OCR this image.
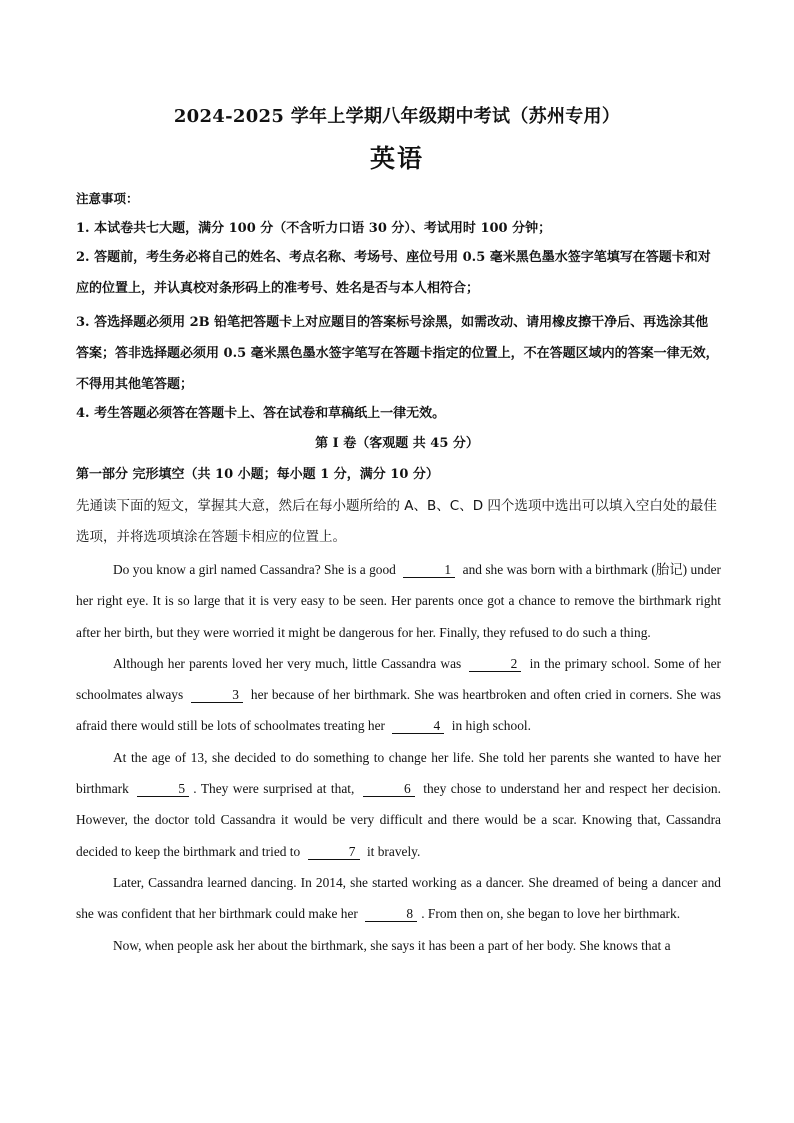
2024-2025 学年上学期八年级期中考试（苏州专用）
英语
注意事项：

1. 本试卷共七大题，满分 100 分（不含听力口语 30 分）、考试用时 100 分钟；

2. 答题前，考生务必将自己的姓名、考点名称、考场号、座位号用 0.5 毫米黑色墨水签字笔填写在答题卡和对应的位置上，并认真校对条形码上的准考号、姓名是否与本人相符合；

3. 答选择题必须用 2B 铅笔把答题卡上对应题目的答案标号涂黑，如需改动、请用橡皮擦干净后、再选涂其他答案；答非选择题必须用 0.5 毫米黑色墨水签字笔写在答题卡指定的位置上，不在答题区域内的答案一律无效，不得用其他笔答题；

4. 考生答题必须答在答题卡上、答在试卷和草稿纸上一律无效。

第 I 卷（客观题 共 45 分）
第一部分 完形填空（共 10 小题；每小题 1 分，满分 10 分）
先通读下面的短文，掌握其大意，然后在每小题所给的 A、B、C、D 四个选项中选出可以填入空白处的最佳选项，并将选项填涂在答题卡相应的位置上。

Do you know a girl named Cassandra? She is a good	1 and she was born with a birthmark (胎记) under her right eye. It is so large that it is very easy to be seen. Her parents once got a chance to remove the birthmark right after her birth, but they were worried it might be dangerous for her. Finally, they refused to do such a thing.

Although her parents loved her very much, little Cassandra was	2 in the primary school. Some of her schoolmates always	3 her because of her birthmark. She was heartbroken and often cried in corners. She was afraid there would still be lots of schoolmates treating her	4 in high school.

At the age of 13, she decided to do something to change her life. She told her parents she wanted to have her birthmark	5 . They were surprised at that,	6 they chose to understand her and respect her decision. However, the doctor told Cassandra it would be very difficult and there would be a scar. Knowing that, Cassandra decided to keep the birthmark and tried to	7 it bravely.

Later, Cassandra learned dancing. In 2014, she started working as a dancer. She dreamed of being a dancer and she was confident that her birthmark could make her	8 . From then on, she began to love her birthmark.

Now, when people ask her about the birthmark, she says it has been a part of her body. She knows that a
